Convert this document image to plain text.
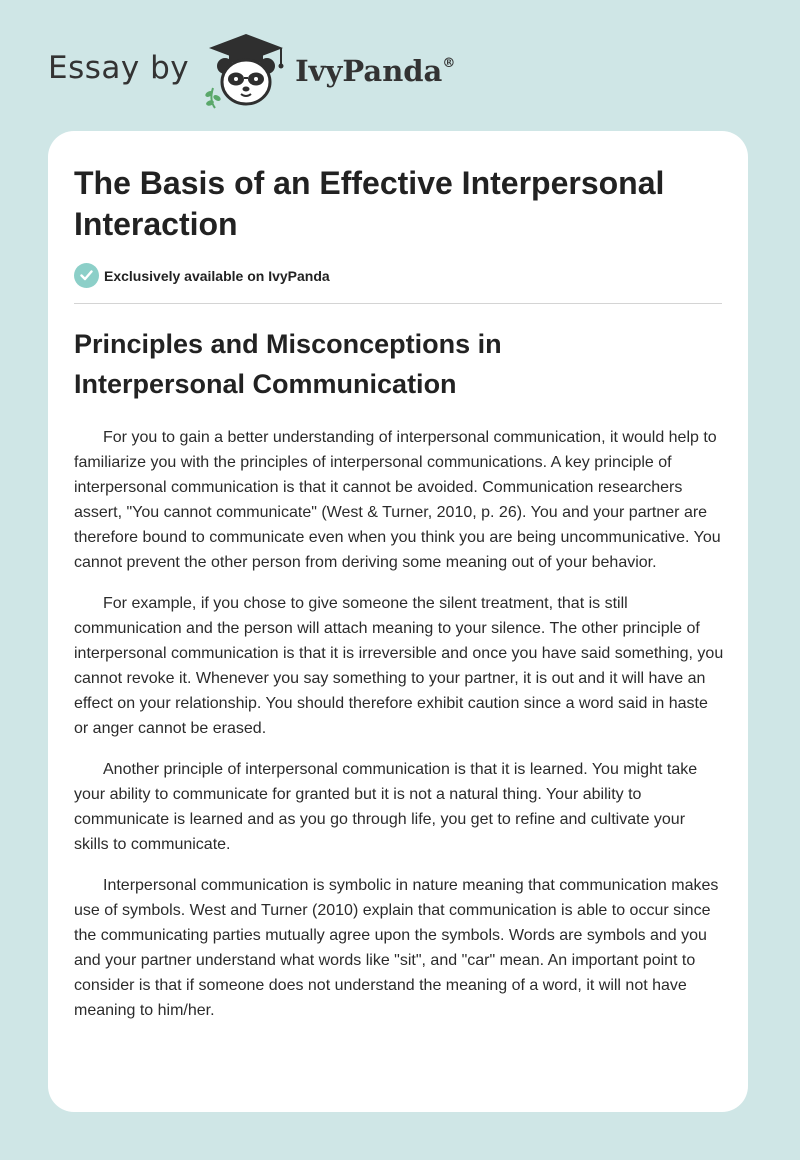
Essay by	IvyPanda®
The Basis of an Effective Interpersonal Interaction
Exclusively available on IvyPanda
Principles and Misconceptions in Interpersonal Communication

For you to gain a better understanding of interpersonal communication, it would help to familiarize you with the principles of interpersonal communications. A key principle of interpersonal communication is that it cannot be avoided. Communication researchers assert, "You cannot communicate" (West & Turner, 2010, p. 26). You and your partner are therefore bound to communicate even when you think you are being uncommunicative. You cannot prevent the other person from deriving some meaning out of your behavior.

For example, if you chose to give someone the silent treatment, that is still communication and the person will attach meaning to your silence. The other principle of interpersonal communication is that it is irreversible and once you have said something, you cannot revoke it. Whenever you say something to your partner, it is out and it will have an effect on your relationship. You should therefore exhibit caution since a word said in haste or anger cannot be erased.

Another principle of interpersonal communication is that it is learned. You might take your ability to communicate for granted but it is not a natural thing. Your ability to communicate is learned and as you go through life, you get to refine and cultivate your skills to communicate.

Interpersonal communication is symbolic in nature meaning that communication makes use of symbols. West and Turner (2010) explain that communication is able to occur since the communicating parties mutually agree upon the symbols. Words are symbols and you and your partner understand what words like "sit", and "car" mean. An important point to consider is that if someone does not understand the meaning of a word, it will not have meaning to him/her.
